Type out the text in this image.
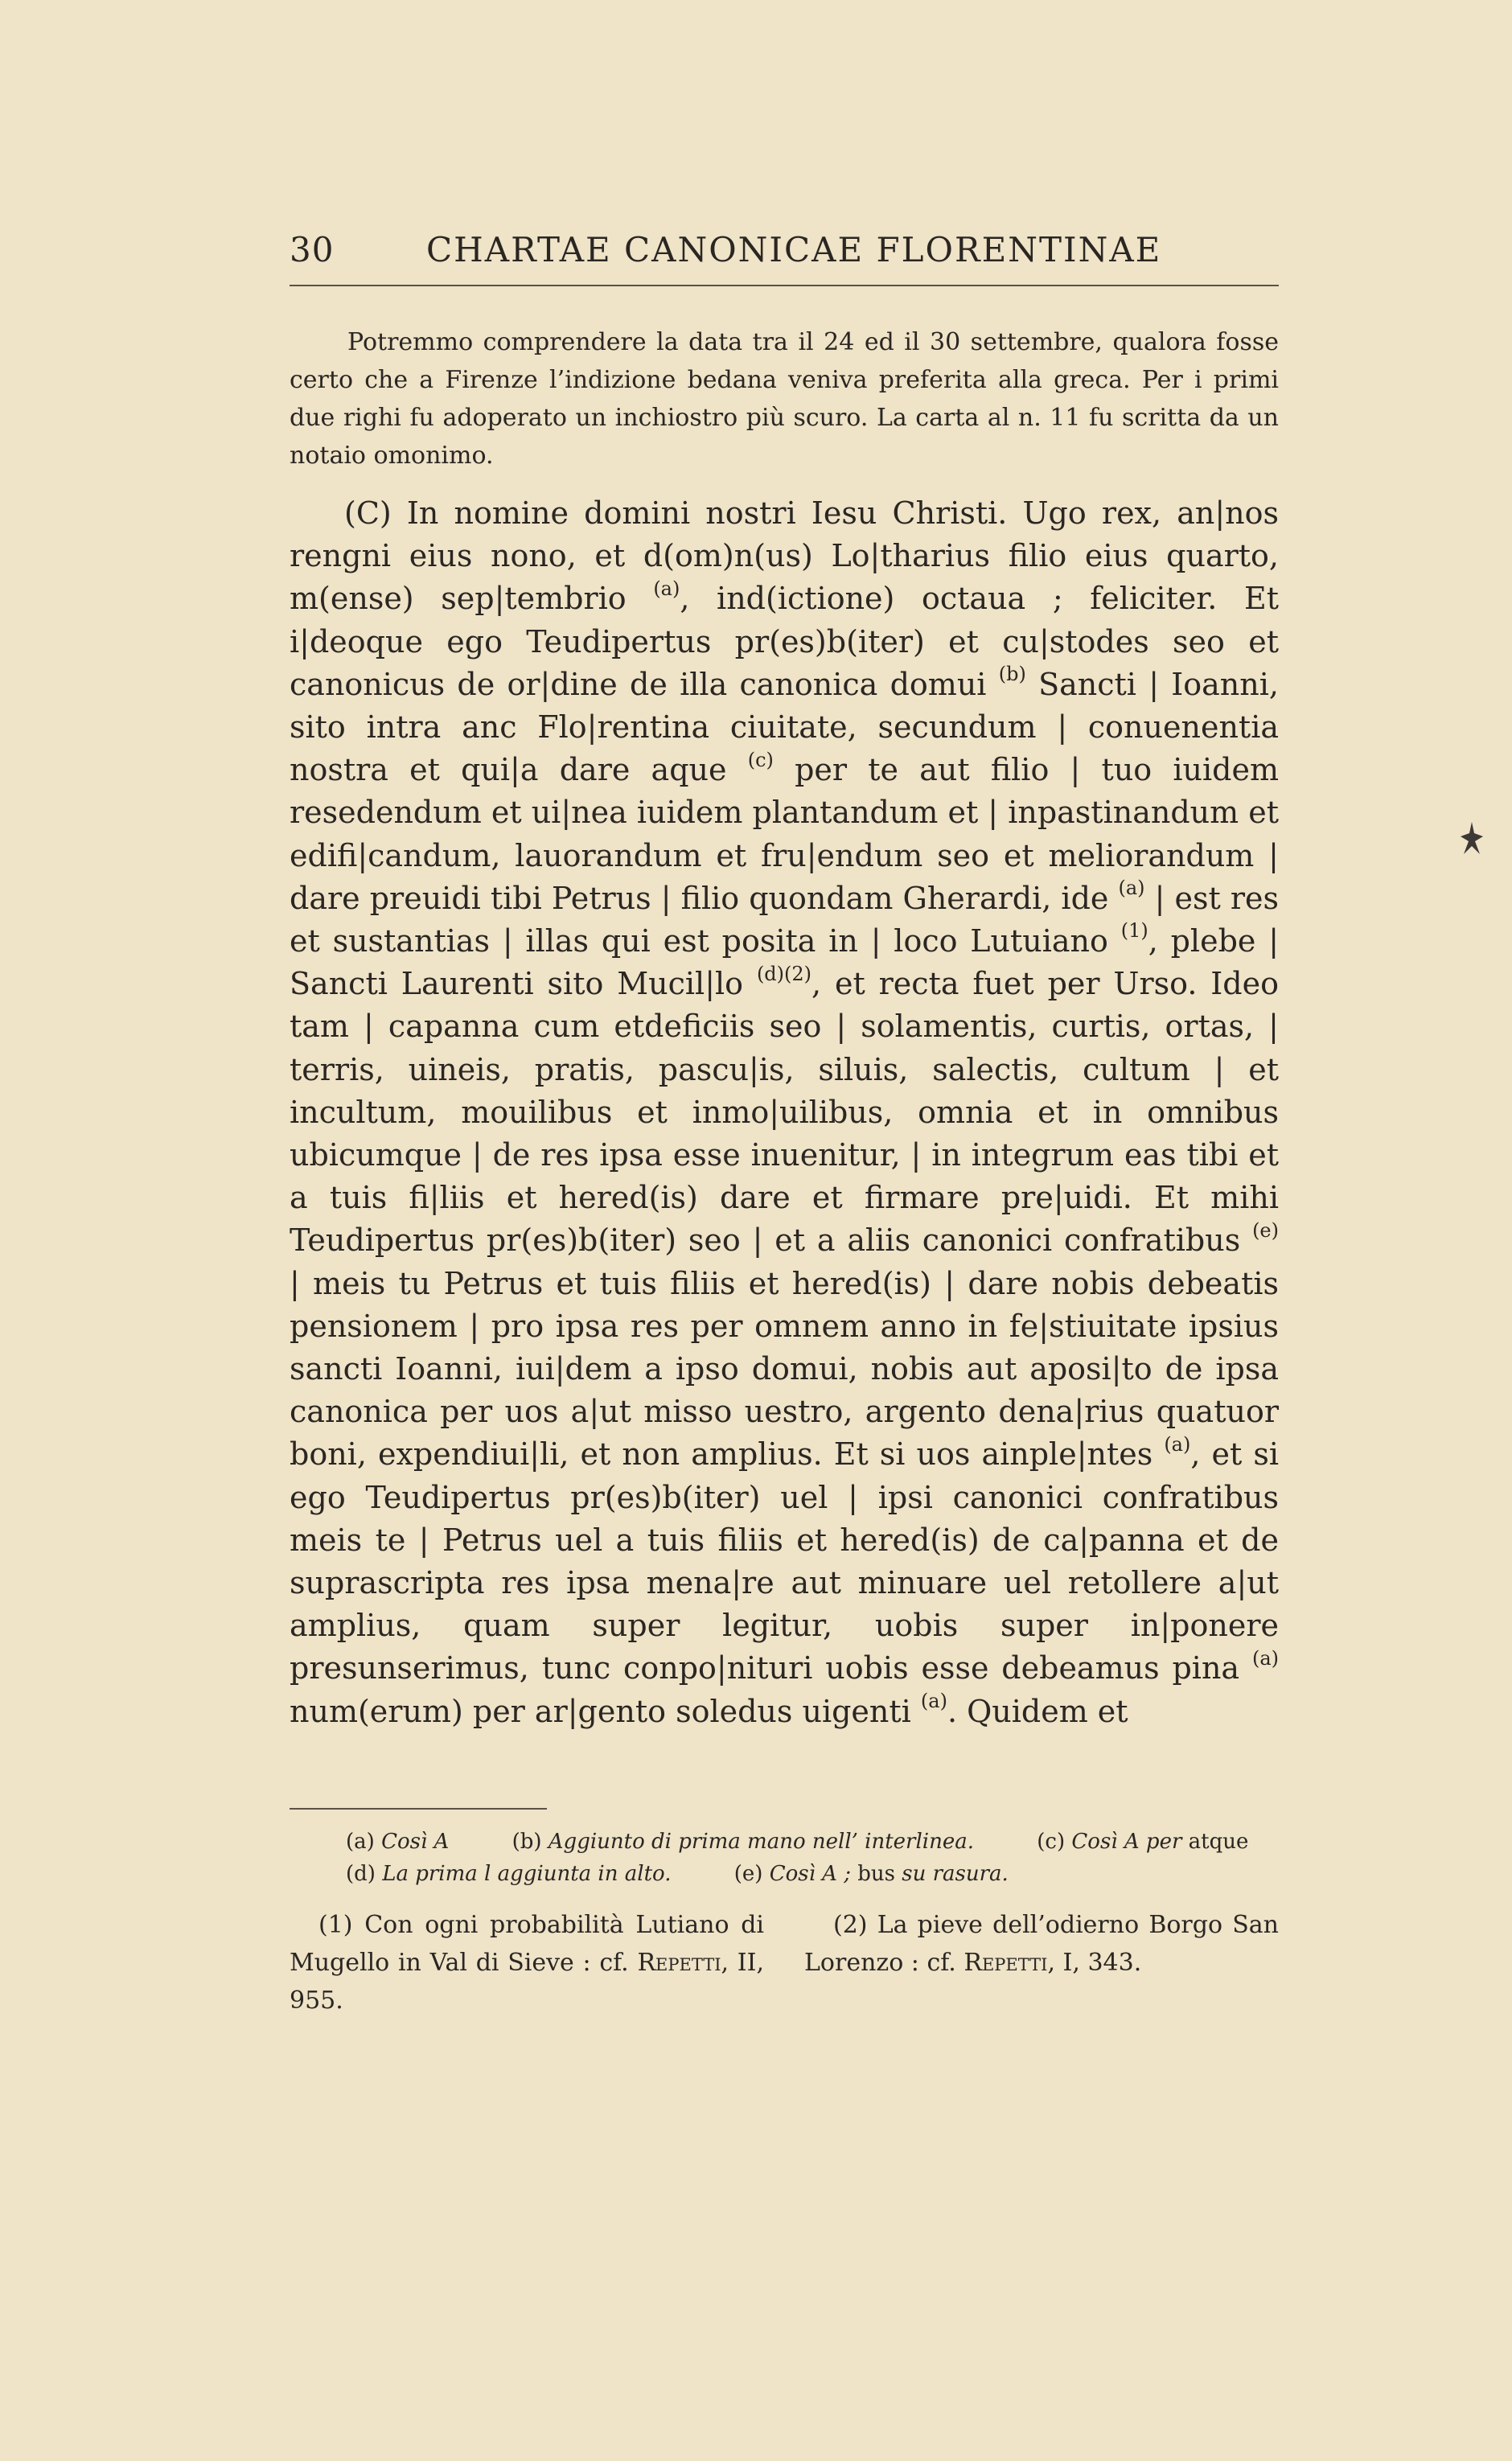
30	CHARTAE CANONICAE FLORENTINAE
Potremmo comprendere la data tra il 24 ed il 30 settembre, qualora fosse certo che a Firenze l’indizione bedana veniva preferita alla greca. Per i primi due righi fu adoperato un inchiostro più scuro. La carta al n. 11 fu scritta da un notaio omonimo.
(C) In nomine domini nostri Iesu Christi. Ugo rex, an|nos rengni eius nono, et d(om)n(us) Lo|tharius filio eius quarto, m(ense) sep|tembrio $^{(a)}$, ind(ictione) octaua ; feliciter. Et i|deoque ego Teudipertus pr(es)b(iter) et cu|stodes seo et canonicus de or|dine de illa canonica domui $^{(b)}$ Sancti | Ioanni, sito intra anc Flo|rentina ciuitate, secundum | conuenentia nostra et qui|a dare aque $^{(c)}$ per te aut filio | tuo iuidem resedendum et ui|nea iuidem plantandum et | inpastinandum et edifi|candum, lauorandum et fru|endum seo et meliorandum | dare preuidi tibi Petrus | filio quondam Gherardi, ide $^{(a)}$ | est res et sustantias | illas qui est posita in | loco Lutuiano $^{(1)}$, plebe | Sancti Laurenti sito Mucil|lo $^{(d)(2)}$, et recta fuet per Urso. Ideo tam | capanna cum etdeficiis seo | solamentis, curtis, ortas, | terris, uineis, pratis, pascu|is, siluis, salectis, cultum | et incultum, mouilibus et inmo|uilibus, omnia et in omnibus ubicumque | de res ipsa esse inuenitur, | in integrum eas tibi et a tuis fi|liis et hered(is) dare et firmare pre|uidi. Et mihi Teudipertus pr(es)b(iter) seo | et a aliis canonici confratibus $^{(e)}$ | meis tu Petrus et tuis filiis et hered(is) | dare nobis debeatis pensionem | pro ipsa res per omnem anno in fe|stiuitate ipsius sancti Ioanni, iui|dem a ipso domui, nobis aut aposi|to de ipsa canonica per uos a|ut misso uestro, argento dena|rius quatuor boni, expendiui|li, et non amplius. Et si uos ainple|ntes $^{(a)}$, et si ego Teudipertus pr(es)b(iter) uel | ipsi canonici confratibus meis te | Petrus uel a tuis filiis et hered(is) de ca|panna et de suprascripta res ipsa mena|re aut minuare uel retollere a|ut amplius, quam super legitur, uobis super in|ponere presunserimus, tunc conpo|nituri uobis esse debeamus pina $^{(a)}$ num(erum) per ar|gento soledus uigenti $^{(a)}$. Quidem et
(a) Così A	(b) Aggiunto di prima mano nell’ interlinea.	(c) Così A per atque (d) La prima l aggiunta in alto.	(e) Così A ; bus su rasura.
(1) Con ogni probabilità Lutiano di Mugello in Val di Sieve : cf. Repetti, II, 955.
(2) La pieve dell’odierno Borgo San Lorenzo : cf. Repetti, I, 343.
